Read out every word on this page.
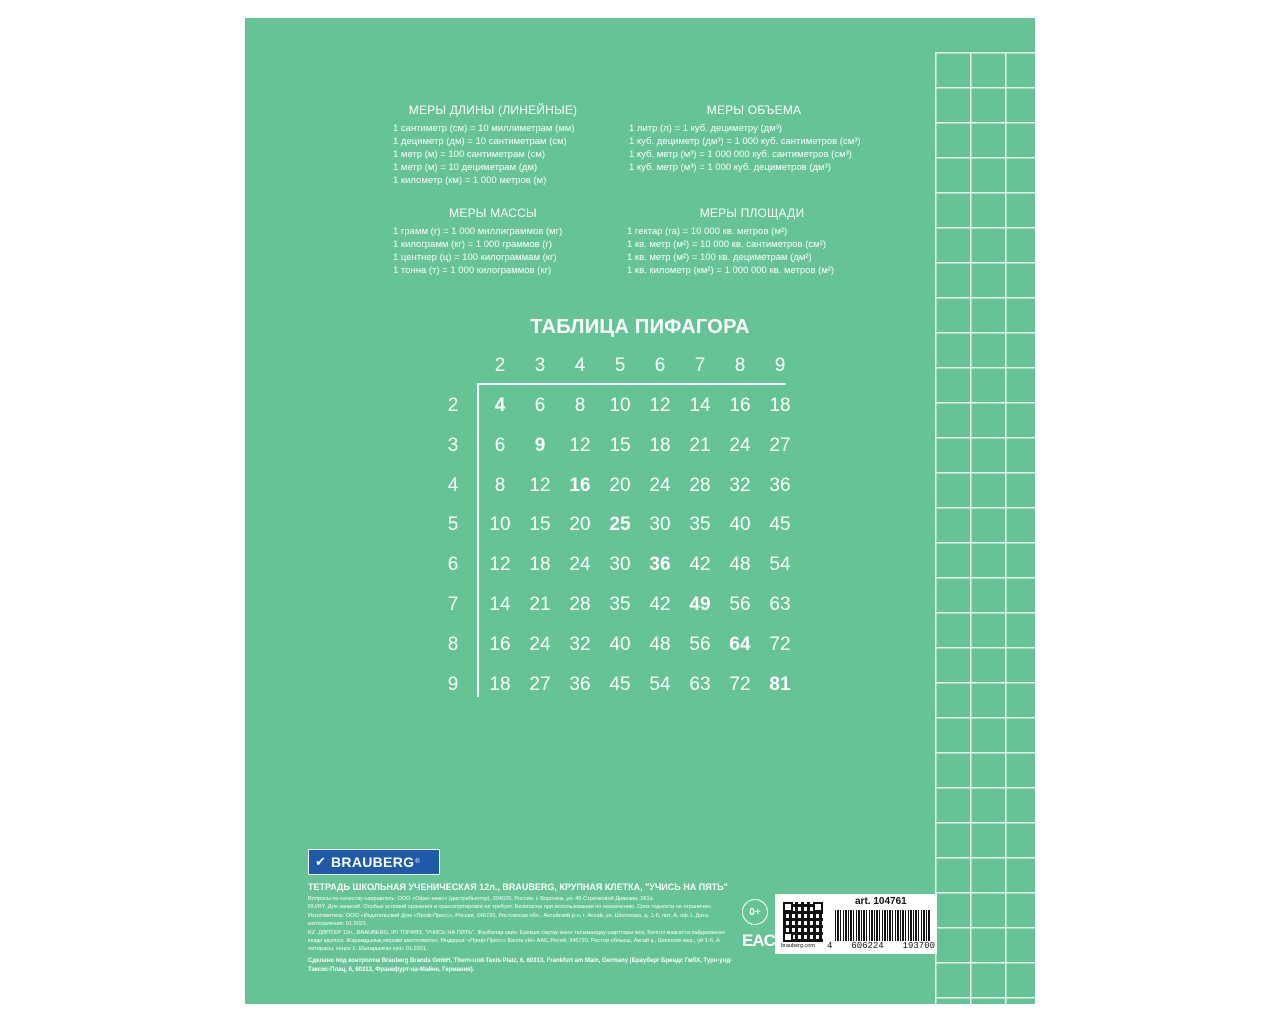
МЕРЫ ДЛИНЫ (ЛИНЕЙНЫЕ)
1 сантиметр (см) = 10 миллиметрам (мм)
1 дециметр (дм) = 10 сантиметрам (см)
1 метр (м) = 100 сантиметрам (см)
1 метр (м) = 10 дециметрам (дм)
1 километр (км) = 1 000 метров (м)
МЕРЫ ОБЪЕМА
1 литр (л) = 1 куб. дециметру (дм³)
1 куб. дециметр (дм³) = 1 000 куб. сантиметров (см³)
1 куб. метр (м³) = 1 000 000 куб. сантиметров (см³)
1 куб. метр (м³) = 1 000 куб. дециметров (дм³)
МЕРЫ МАССЫ
1 грамм (г) = 1 000 миллиграммов (мг)
1 килограмм (кг) = 1 000 граммов (г)
1 центнер (ц) = 100 килограммам (кг)
1 тонна (т) = 1 000 килограммов (кг)
МЕРЫ ПЛОЩАДИ
1 гектар (га) = 10 000 кв. метров (м²)
1 кв. метр (м²) = 10 000 кв. сантиметров (см²)
1 кв. метр (м²) = 100 кв. дециметрам (дм²)
1 кв. километр (км²) = 1 000 000 кв. метров (м²)
ТАБЛИЦА ПИФАГОРА
2	3	4	5	6	7	8	9
2	4	6	8	10 12 14 16 18
3	6	9	12 15 18 21 24 27
4	8	12 16 20 24 28 32 36
5	10 15 20 25 30 35 40 45
6	12 18 24 30 36 42 48 54
7	14 21 28 35 42 49 56 63
8	16 24 32 40 48 56 64 72
9	18 27 36 45 54 63 72 81
✔ BRAUBERG ®
ТЕТРАДЬ ШКОЛЬНАЯ УЧЕНИЧЕСКАЯ 12л., BRAUBERG, КРУПНАЯ КЛЕТКА, "УЧИСЬ НА ПЯТЬ"
Вопросы по качеству направлять: ООО «Офис-мекс» (дистрибьютор), 394026, Россия, г. Воронеж, ул. 45 Стрелковой Дивизии, 261а.
RU/RY. Для записей. Особых условий хранения и транспортировки не требует. Безопасна при использовании по назначению. Срок годности не ограничен. Изготовитель: ООО «Издательский Дом «Проф-Пресс», Россия, 346720, Ростовская обл., Аксайский р-н, г. Аксай, ул. Шолохова, д. 1-б, лит. А, оф.1. Дата изготовления: 01.2021.
KZ. ДӘПТЕР 12п., BRAUBERG, ІРІ ТОРКӨЗ, "УЧИСЬ НА ПЯТЬ". Жазбалар үшін. Ерекше сақтау және тасымалдау шарттары жоқ. Белгілі мақсатта пайдаланған кезде қауіпсіз. Жарамдылық мерзімі шектелмеген. Өндіруші: «Проф-Пресс» Баспа үйі» ААҚ, Ресей, 346720, Ростов облысы, Аксай қ., Шолохов көш., үй 1-б, А литерасы, кеңсе 1. Шығарылған күні: 01.2021.
Сделано под контролем Brauberg Brands GmbH, Thurn-und-Taxis-Platz, 6, 60313, Frankfurt am Main, Germany (Брауберг Брендс ГмбХ, Турн-унд-Таксис-Плац, 6, 60313, Франкфурт-на-Майне, Германия).
0+
EAC brauberg.com
art. 104761
4 606224 193700
